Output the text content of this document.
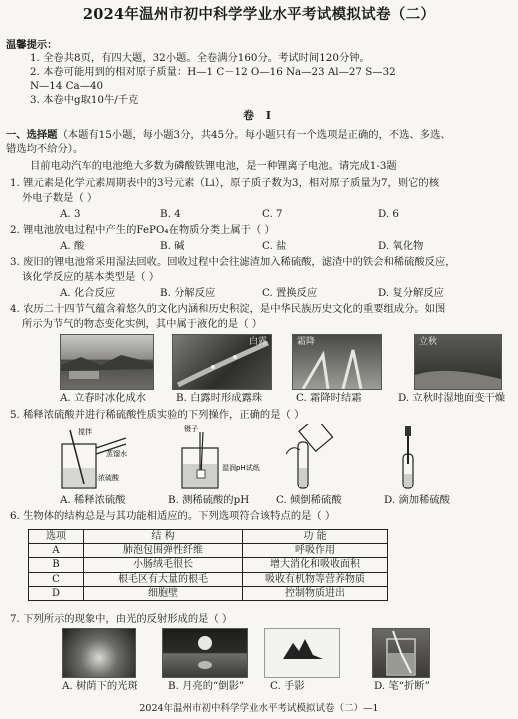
2024年温州市初中科学学业水平考试模拟试卷（二）
温馨提示：
1. 全卷共8页，有四大题，32小题。全卷满分160分。考试时间120分钟。
2. 本卷可能用到的相对原子质量：H—1 C－12 O—16 Na—23 Al—27 S—32
N—14 Ca—40
3. 本卷中g取10牛/千克
卷 Ⅰ
一、选择题（本题有15小题，每小题3分，共45分。每小题只有一个选项是正确的，不选、多选、
错选均不给分）。
目前电动汽车的电池绝大多数为磷酸铁锂电池，是一种锂离子电池。请完成1-3题
1. 锂元素是化学元素周期表中的3号元素（Li），原子质子数为3，相对原子质量为7，则它的核
外电子数是（ ）
A. 3	B. 4	C. 7	D. 6
2. 锂电池放电过程中产生的FePO₄在物质分类上属于（ ）
A. 酸	B. 碱	C. 盐	D. 氧化物
3. 废旧的锂电池常采用湿法回收。回收过程中会往滤渣加入稀硫酸，滤渣中的铁会和稀硫酸反应，
该化学反应的基本类型是（ ）
A. 化合反应	B. 分解反应	C. 置换反应	D. 复分解反应
4. 农历二十四节气蕴含着悠久的文化内涵和历史积淀，是中华民族历史文化的重要组成分。如图
所示为节气的物态变化实例，其中属于液化的是（ ）
白露	霜降	立秋
A. 立春时冰化成水	B. 白露时形成露珠	C. 霜降时结霜	D. 立秋时湿地面变干燥
5. 稀释浓硫酸并进行稀硫酸性质实验的下列操作，正确的是（ ）
搅拌
蒸馏水
浓硫酸
镊子
湿润pH试纸
A. 稀释浓硫酸	B. 测稀硫酸的pH	C. 倾倒稀硫酸	D. 滴加稀硫酸
6. 生物体的结构总是与其功能相适应的。下列选项符合该特点的是（ ）
选项	结 构	功 能
A	肺泡包围弹性纤维	呼吸作用
B	小肠绒毛很长	增大消化和吸收面积
C	根毛区有大量的根毛	吸收有机物等营养物质
D	细胞壁	控制物质进出
7. 下列所示的现象中，由光的反射形成的是（ ）
A. 树荫下的光斑	B. 月亮的“倒影”	C. 手影	D. 笔“折断”
2024年温州市初中科学学业水平考试模拟试卷（二）—1
